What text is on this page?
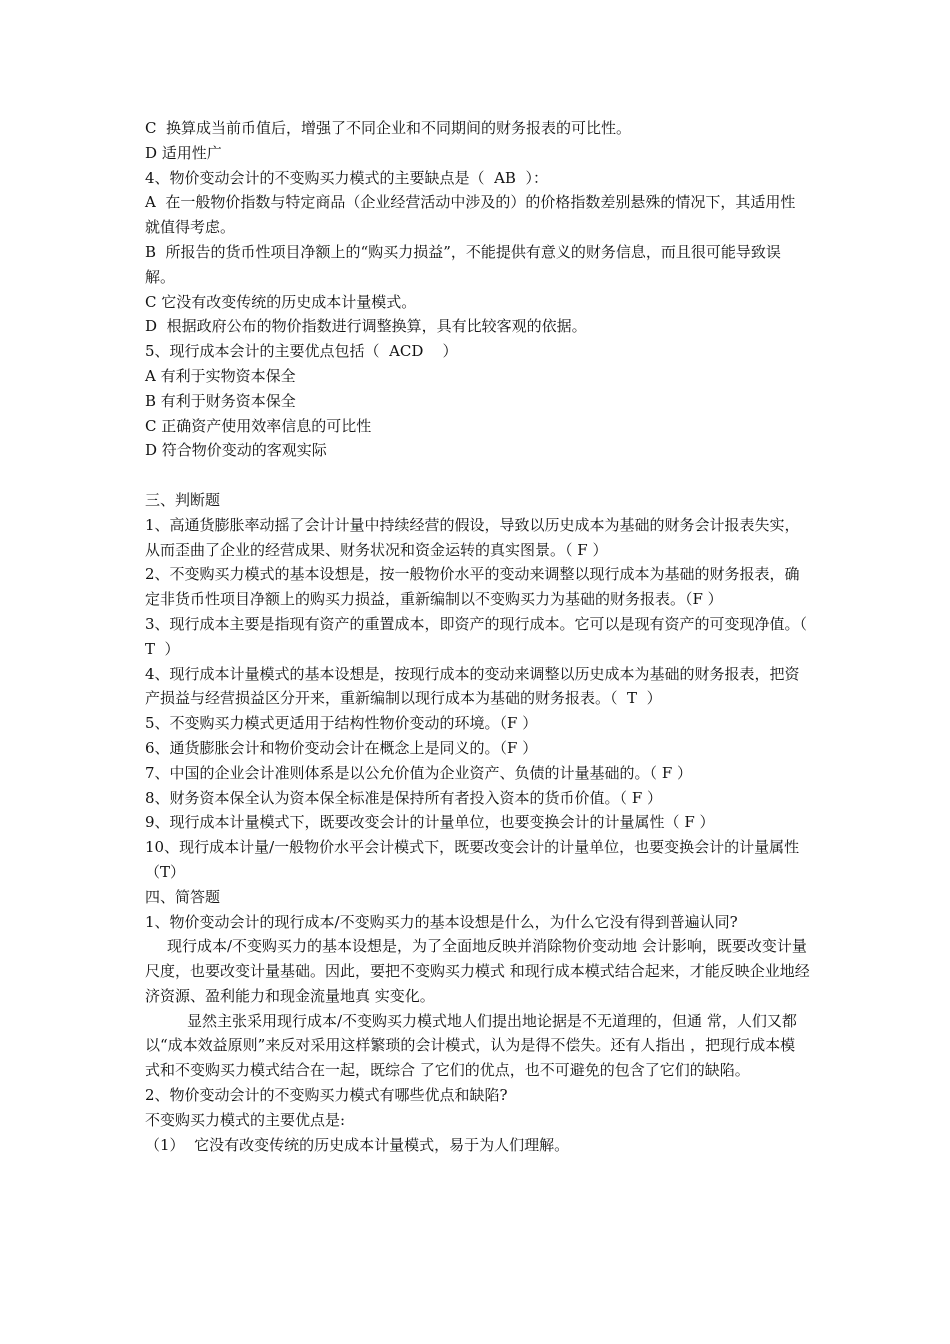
C  换算成当前币值后，增强了不同企业和不同期间的财务报表的可比性。

D 适用性广

4、物价变动会计的不变购买力模式的主要缺点是（  AB  ）：

A  在一般物价指数与特定商品（企业经营活动中涉及的）的价格指数差别悬殊的情况下，其适用性就值得考虑。

B  所报告的货币性项目净额上的“购买力损益”，不能提供有意义的财务信息，而且很可能导致误解。

C 它没有改变传统的历史成本计量模式。

D  根据政府公布的物价指数进行调整换算，具有比较客观的依据。

5、现行成本会计的主要优点包括（  ACD    ）

A 有利于实物资本保全

B 有利于财务资本保全

C 正确资产使用效率信息的可比性

D 符合物价变动的客观实际

三、判断题

1、高通货膨胀率动摇了会计计量中持续经营的假设，导致以历史成本为基础的财务会计报表失实，从而歪曲了企业的经营成果、财务状况和资金运转的真实图景。（ F ）

2、不变购买力模式的基本设想是，按一般物价水平的变动来调整以现行成本为基础的财务报表，确定非货币性项目净额上的购买力损益，重新编制以不变购买力为基础的财务报表。（F ）

3、现行成本主要是指现有资产的重置成本，即资产的现行成本。它可以是现有资产的可变现净值。（ T  ）

4、现行成本计量模式的基本设想是，按现行成本的变动来调整以历史成本为基础的财务报表，把资产损益与经营损益区分开来，重新编制以现行成本为基础的财务报表。（  T  ）

5、不变购买力模式更适用于结构性物价变动的环境。（F ）

6、通货膨胀会计和物价变动会计在概念上是同义的。（F ）

7、中国的企业会计准则体系是以公允价值为企业资产、负债的计量基础的。（ F ）

8、财务资本保全认为资本保全标准是保持所有者投入资本的货币价值。（ F ）

9、现行成本计量模式下，既要改变会计的计量单位，也要变换会计的计量属性（ F ）

10、现行成本计量/一般物价水平会计模式下，既要改变会计的计量单位，也要变换会计的计量属性（T）

四、简答题

1、物价变动会计的现行成本/不变购买力的基本设想是什么，为什么它没有得到普遍认同?

现行成本/不变购买力的基本设想是，为了全面地反映并消除物价变动地 会计影响，既要改变计量尺度，也要改变计量基础。因此，要把不变购买力模式 和现行成本模式结合起来，才能反映企业地经济资源、盈利能力和现金流量地真 实变化。

显然主张采用现行成本/不变购买力模式地人们提出地论据是不无道理的，但通 常，人们又都 以“成本效益原则”来反对采用这样繁琐的会计模式，认为是得不偿失。还有人指出 ，把现行成本模式和不变购买力模式结合在一起，既综合 了它们的优点，也不可避免的包含了它们的缺陷。

2、物价变动会计的不变购买力模式有哪些优点和缺陷?

不变购买力模式的主要优点是:

（1）  它没有改变传统的历史成本计量模式，易于为人们理解。
